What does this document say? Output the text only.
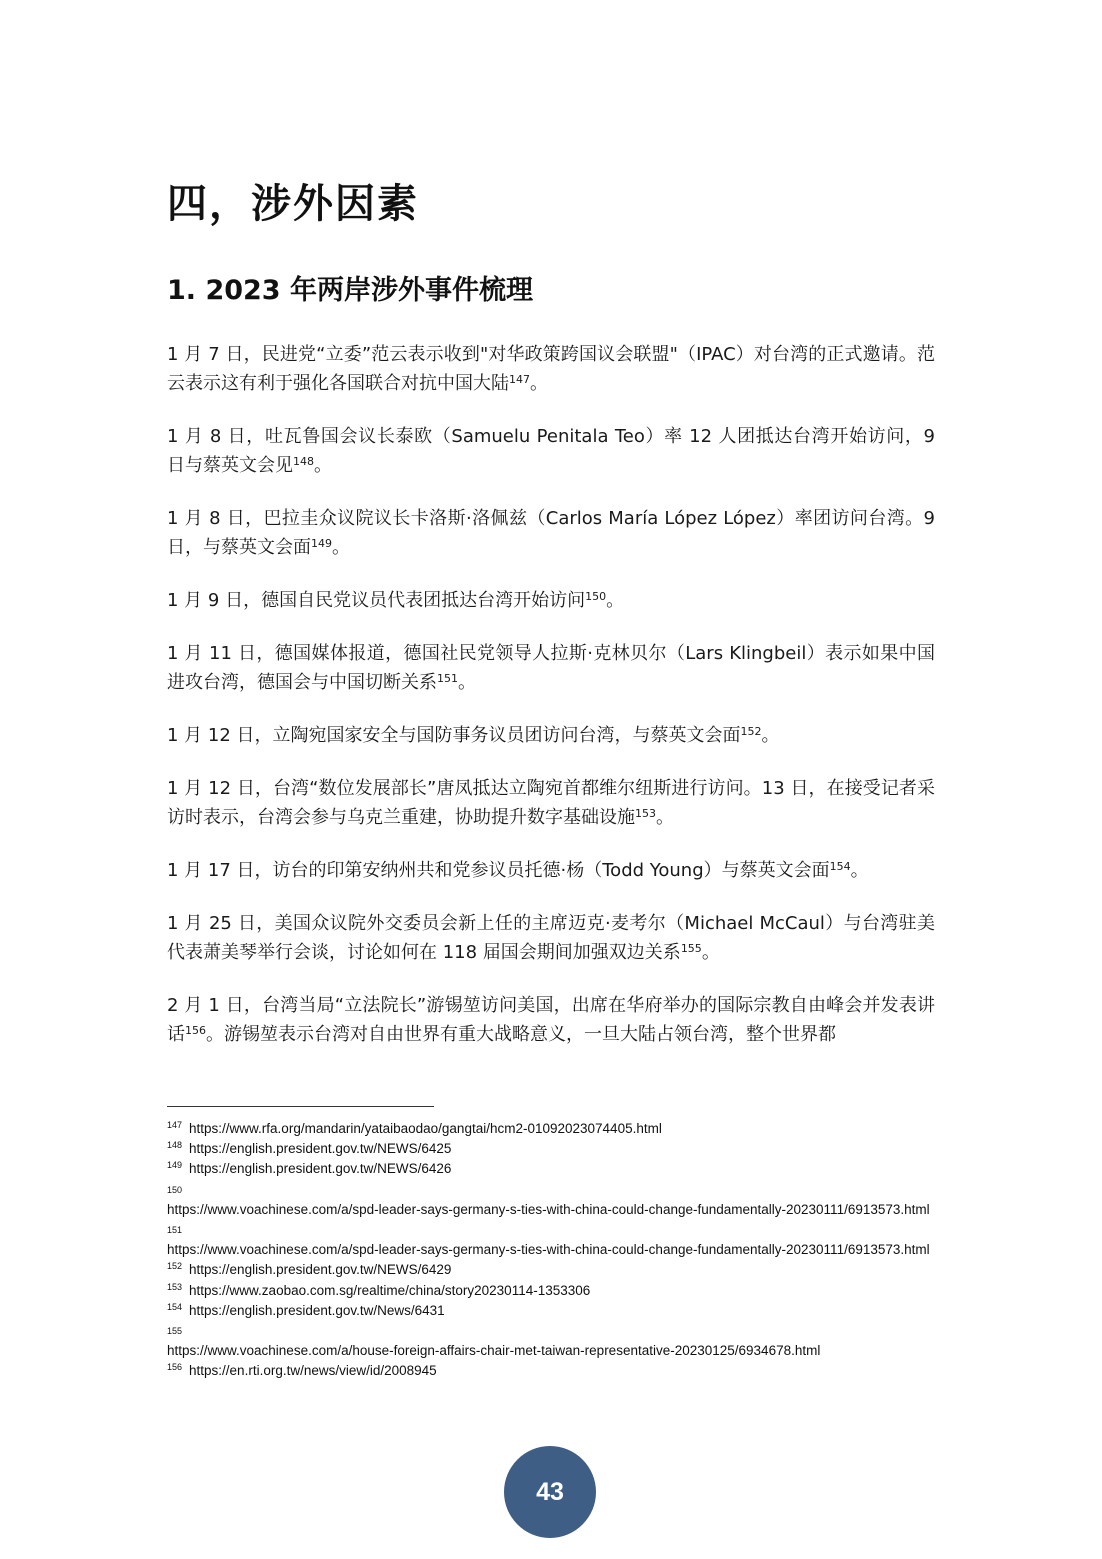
四，涉外因素
1. 2023 年两岸涉外事件梳理

1 月 7 日，民进党“立委”范云表示收到"对华政策跨国议会联盟"（IPAC）对台湾的正式邀请。范云表示这有利于强化各国联合对抗中国大陆$^{147}$。

1 月 8 日，吐瓦鲁国会议长泰欧（Samuelu Penitala Teo）率 12 人团抵达台湾开始访问，9 日与蔡英文会见$^{148}$。

1 月 8 日，巴拉圭众议院议长卡洛斯·洛佩兹（Carlos María López López）率团访问台湾。9 日，与蔡英文会面$^{149}$。

1 月 9 日，德国自民党议员代表团抵达台湾开始访问$^{150}$。

1 月 11 日，德国媒体报道，德国社民党领导人拉斯·克林贝尔（Lars Klingbeil）表示如果中国进攻台湾，德国会与中国切断关系$^{151}$。

1 月 12 日，立陶宛国家安全与国防事务议员团访问台湾，与蔡英文会面$^{152}$。

1 月 12 日，台湾“数位发展部长”唐凤抵达立陶宛首都维尔纽斯进行访问。13 日，在接受记者采访时表示，台湾会参与乌克兰重建，协助提升数字基础设施$^{153}$。

1 月 17 日，访台的印第安纳州共和党参议员托德·杨（Todd Young）与蔡英文会面$^{154}$。

1 月 25 日，美国众议院外交委员会新上任的主席迈克·麦考尔（Michael McCaul）与台湾驻美代表萧美琴举行会谈，讨论如何在 118 届国会期间加强双边关系$^{155}$。

2 月 1 日，台湾当局“立法院长”游锡堃访问美国，出席在华府举办的国际宗教自由峰会并发表讲话$^{156}$。游锡堃表示台湾对自由世界有重大战略意义，一旦大陆占领台湾，整个世界都

$^{147}$ https://www.rfa.org/mandarin/yataibaodao/gangtai/hcm2-01092023074405.html
$^{148}$ https://english.president.gov.tw/NEWS/6425
$^{149}$ https://english.president.gov.tw/NEWS/6426
150
https://www.voachinese.com/a/spd-leader-says-germany-s-ties-with-china-could-change-fundamentally-20230111/6913573.html
151
https://www.voachinese.com/a/spd-leader-says-germany-s-ties-with-china-could-change-fundamentally-20230111/6913573.html
$^{152}$ https://english.president.gov.tw/NEWS/6429
$^{153}$ https://www.zaobao.com.sg/realtime/china/story20230114-1353306
$^{154}$ https://english.president.gov.tw/News/6431
155
https://www.voachinese.com/a/house-foreign-affairs-chair-met-taiwan-representative-20230125/6934678.html
$^{156}$ https://en.rti.org.tw/news/view/id/2008945
43
